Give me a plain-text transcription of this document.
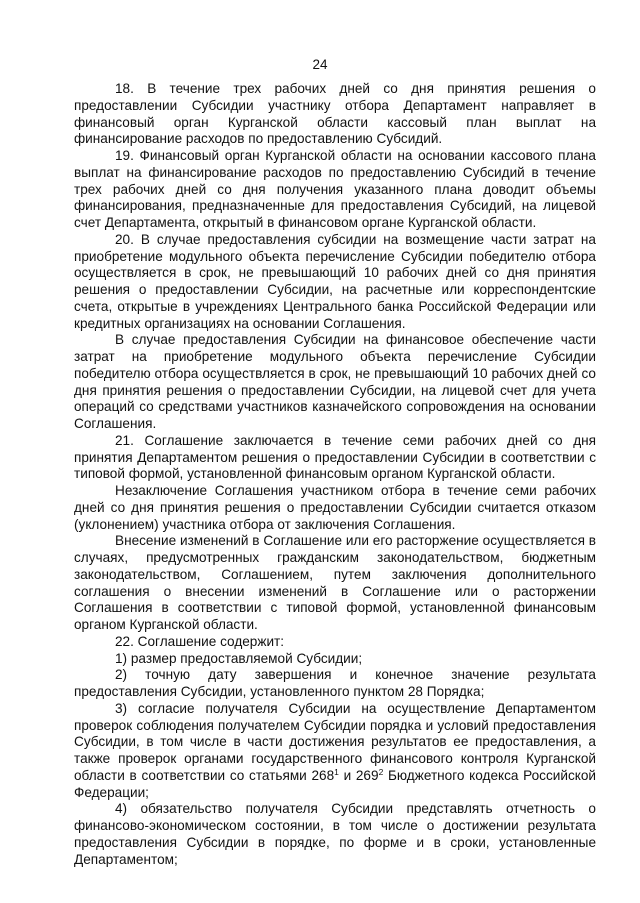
24

18. В течение трех рабочих дней со дня принятия решения о предоставлении Субсидии участнику отбора Департамент направляет в финансовый орган Курганской области кассовый план выплат на финансирование расходов по предоставлению Субсидий.

19. Финансовый орган Курганской области на основании кассового плана выплат на финансирование расходов по предоставлению Субсидий в течение трех рабочих дней со дня получения указанного плана доводит объемы финансирования, предназначенные для предоставления Субсидий, на лицевой счет Департамента, открытый в финансовом органе Курганской области.

20. В случае предоставления субсидии на возмещение части затрат на приобретение модульного объекта перечисление Субсидии победителю отбора осуществляется в срок, не превышающий 10 рабочих дней со дня принятия решения о предоставлении Субсидии, на расчетные или корреспондентские счета, открытые в учреждениях Центрального банка Российской Федерации или кредитных организациях на основании Соглашения.

В случае предоставления Субсидии на финансовое обеспечение части затрат на приобретение модульного объекта перечисление Субсидии победителю отбора осуществляется в срок, не превышающий 10 рабочих дней со дня принятия решения о предоставлении Субсидии, на лицевой счет для учета операций со средствами участников казначейского сопровождения на основании Соглашения.

21. Соглашение заключается в течение семи рабочих дней со дня принятия Департаментом решения о предоставлении Субсидии в соответствии с типовой формой, установленной финансовым органом Курганской области.

Незаключение Соглашения участником отбора в течение семи рабочих дней со дня принятия решения о предоставлении Субсидии считается отказом (уклонением) участника отбора от заключения Соглашения.

Внесение изменений в Соглашение или его расторжение осуществляется в случаях, предусмотренных гражданским законодательством, бюджетным законодательством, Соглашением, путем заключения дополнительного соглашения о внесении изменений в Соглашение или о расторжении Соглашения в соответствии с типовой формой, установленной финансовым органом Курганской области.

22. Соглашение содержит:

1) размер предоставляемой Субсидии;

2) точную дату завершения и конечное значение результата предоставления Субсидии, установленного пунктом 28 Порядка;

3) согласие получателя Субсидии на осуществление Департаментом проверок соблюдения получателем Субсидии порядка и условий предоставления Субсидии, в том числе в части достижения результатов ее предоставления, а также проверок органами государственного финансового контроля Курганской области в соответствии со статьями $268^1$ и $269^2$ Бюджетного кодекса Российской Федерации;

4) обязательство получателя Субсидии представлять отчетность о финансово-экономическом состоянии, в том числе о достижении результата предоставления Субсидии в порядке, по форме и в сроки, установленные Департаментом;
